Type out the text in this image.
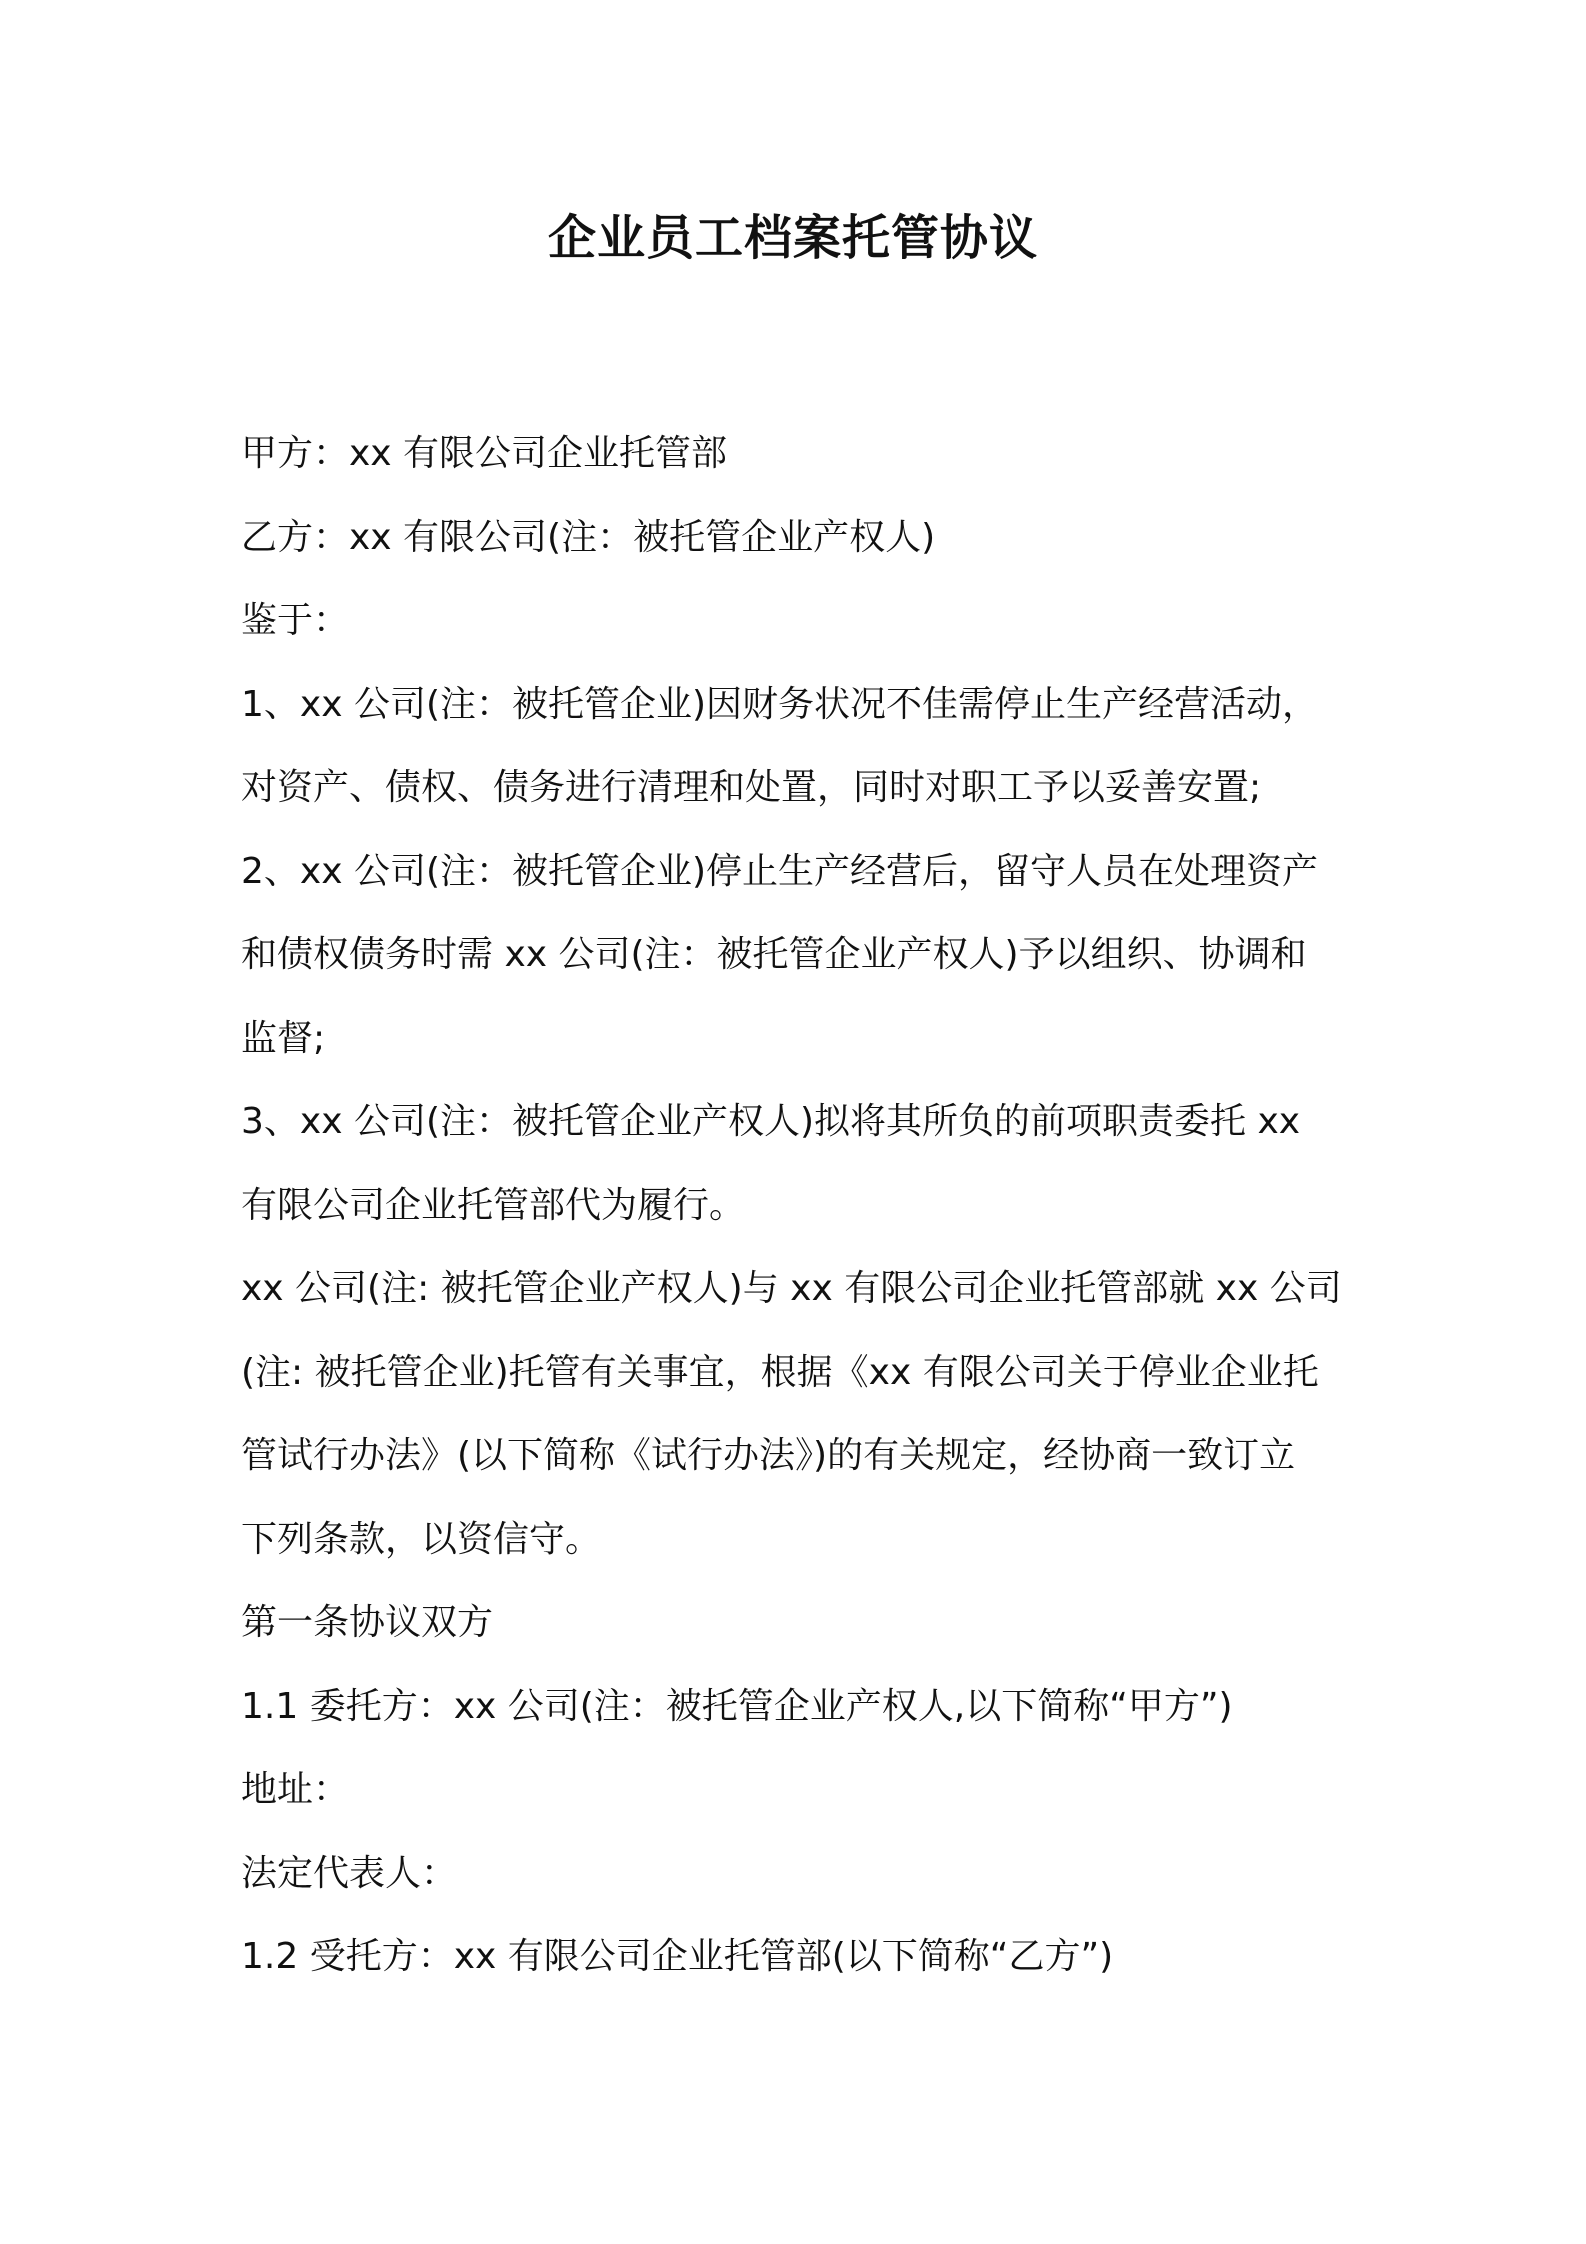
企业员工档案托管协议

甲方：xx 有限公司企业托管部

乙方：xx 有限公司(注：被托管企业产权人)

鉴于：

1、xx 公司(注：被托管企业)因财务状况不佳需停止生产经营活动，

对资产、债权、债务进行清理和处置，同时对职工予以妥善安置;

2、xx 公司(注：被托管企业)停止生产经营后，留守人员在处理资产

和债权债务时需 xx 公司(注：被托管企业产权人)予以组织、协调和

监督;

3、xx 公司(注：被托管企业产权人)拟将其所负的前项职责委托 xx

有限公司企业托管部代为履行。

xx 公司(注: 被托管企业产权人)与 xx 有限公司企业托管部就 xx 公司

(注: 被托管企业)托管有关事宜，根据《xx 有限公司关于停业企业托

管试行办法》(以下简称《试行办法》)的有关规定，经协商一致订立

下列条款，以资信守。

第一条协议双方

1.1 委托方：xx 公司(注：被托管企业产权人,以下简称“甲方”)

地址：

法定代表人：

1.2 受托方：xx 有限公司企业托管部(以下简称“乙方”)
